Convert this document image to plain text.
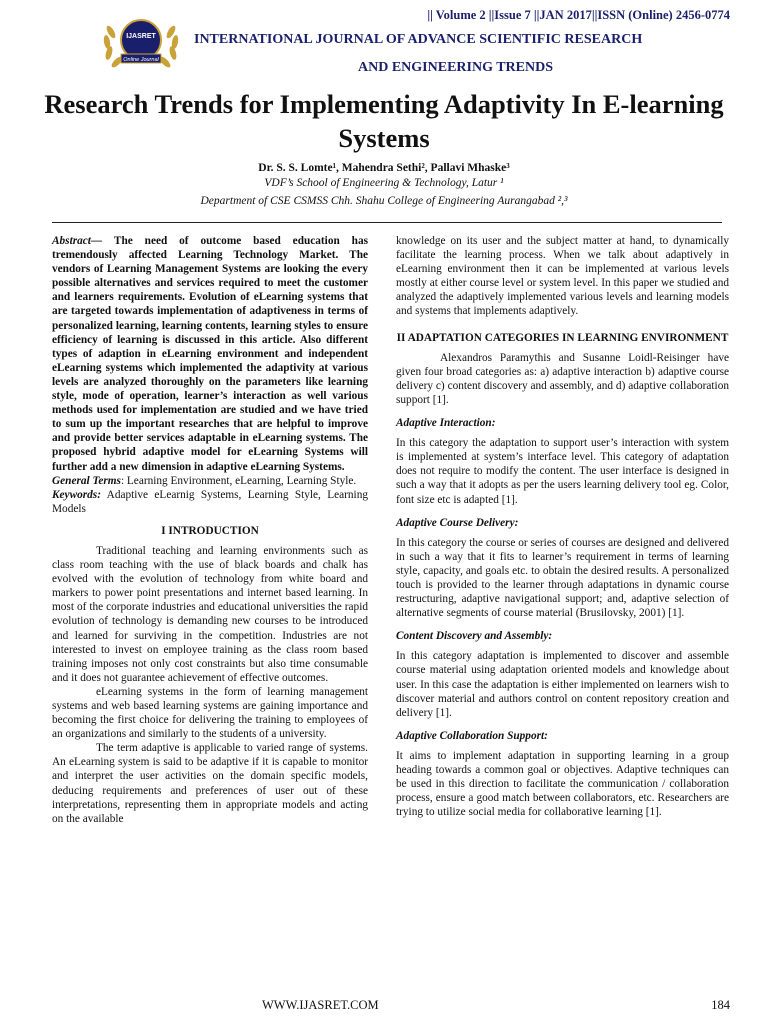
|| Volume 2 ||Issue 7 ||JAN 2017||ISSN (Online) 2456-0774
IJASRET
Online Journal
INTERNATIONAL JOURNAL OF ADVANCE SCIENTIFIC RESEARCH
AND ENGINEERING TRENDS
Research Trends for Implementing Adaptivity In E-learning Systems
Dr. S. S. Lomte¹, Mahendra Sethi², Pallavi Mhaske³
VDF’s School of Engineering & Technology, Latur ¹
Department of CSE CSMSS Chh. Shahu College of Engineering Aurangabad ²,³

Abstract— The need of outcome based education has tremendously affected Learning Technology Market. The vendors of Learning Management Systems are looking the every possible alternatives and services required to meet the customer and learners requirements. Evolution of eLearning systems that are targeted towards implementation of adaptiveness in terms of personalized learning, learning contents, learning styles to ensure efficiency of learning is discussed in this article. Also different types of adaption in eLearning environment and independent eLearning systems which implemented the adaptivity at various levels are analyzed thoroughly on the parameters like learning style, mode of operation, learner’s interaction as well various methods used for implementation are studied and we have tried to sum up the important researches that are helpful to improve and provide better services adaptable in eLearning systems. The proposed hybrid adaptive model for eLearning Systems will further add a new dimension in adaptive eLearning Systems.

General Terms: Learning Environment, eLearning, Learning Style.

Keywords: Adaptive eLearnig Systems, Learning Style, Learning Models

I INTRODUCTION

Traditional teaching and learning environments such as class room teaching with the use of black boards and chalk has evolved with the evolution of technology from white board and markers to power point presentations and internet based learning. In most of the corporate industries and educational universities the rapid evolution of technology is demanding new courses to be introduced and learned for surviving in the competition. Industries are not interested to invest on employee training as the class room based training imposes not only cost constraints but also time consumable and it does not guarantee achievement of effective outcomes.

eLearning systems in the form of learning management systems and web based learning systems are gaining importance and becoming the first choice for delivering the training to employees of an organizations and similarly to the students of a university.

The term adaptive is applicable to varied range of systems. An eLearning system is said to be adaptive if it is capable to monitor and interpret the user activities on the domain specific models, deducing requirements and preferences of user out of these interpretations, representing them in appropriate models and acting on the available

knowledge on its user and the subject matter at hand, to dynamically facilitate the learning process. When we talk about adaptively in eLearning environment then it can be implemented at various levels mostly at either course level or system level. In this paper we studied and analyzed the adaptively implemented various levels and learning models and systems that implements adaptively.

II ADAPTATION CATEGORIES IN LEARNING ENVIRONMENT

Alexandros Paramythis and Susanne Loidl-Reisinger have given four broad categories as: a) adaptive interaction b) adaptive course delivery c) content discovery and assembly, and d) adaptive collaboration support [1].

Adaptive Interaction:

In this category the adaptation to support user’s interaction with system is implemented at system’s interface level. This category of adaptation does not require to modify the content. The user interface is designed in such a way that it adopts as per the users learning delivery tool eg. Color, font size etc is adapted [1].

Adaptive Course Delivery:

In this category the course or series of courses are designed and delivered in such a way that it fits to learner’s requirement in terms of learning style, capacity, and goals etc. to obtain the desired results. A personalized touch is provided to the learner through adaptations in dynamic course restructuring, adaptive navigational support; and, adaptive selection of alternative segments of course material (Brusilovsky, 2001) [1].

Content Discovery and Assembly:

In this category adaptation is implemented to discover and assemble course material using adaptation oriented models and knowledge about user. In this case the adaptation is either implemented on learners wish to discover material and authors control on content repository creation and delivery [1].

Adaptive Collaboration Support:

It aims to implement adaptation in supporting learning in a group heading towards a common goal or objectives. Adaptive techniques can be used in this direction to facilitate the communication / collaboration process, ensure a good match between collaborators, etc. Researchers are trying to utilize social media for collaborative learning [1].

WWW.IJASRET.COM	184
